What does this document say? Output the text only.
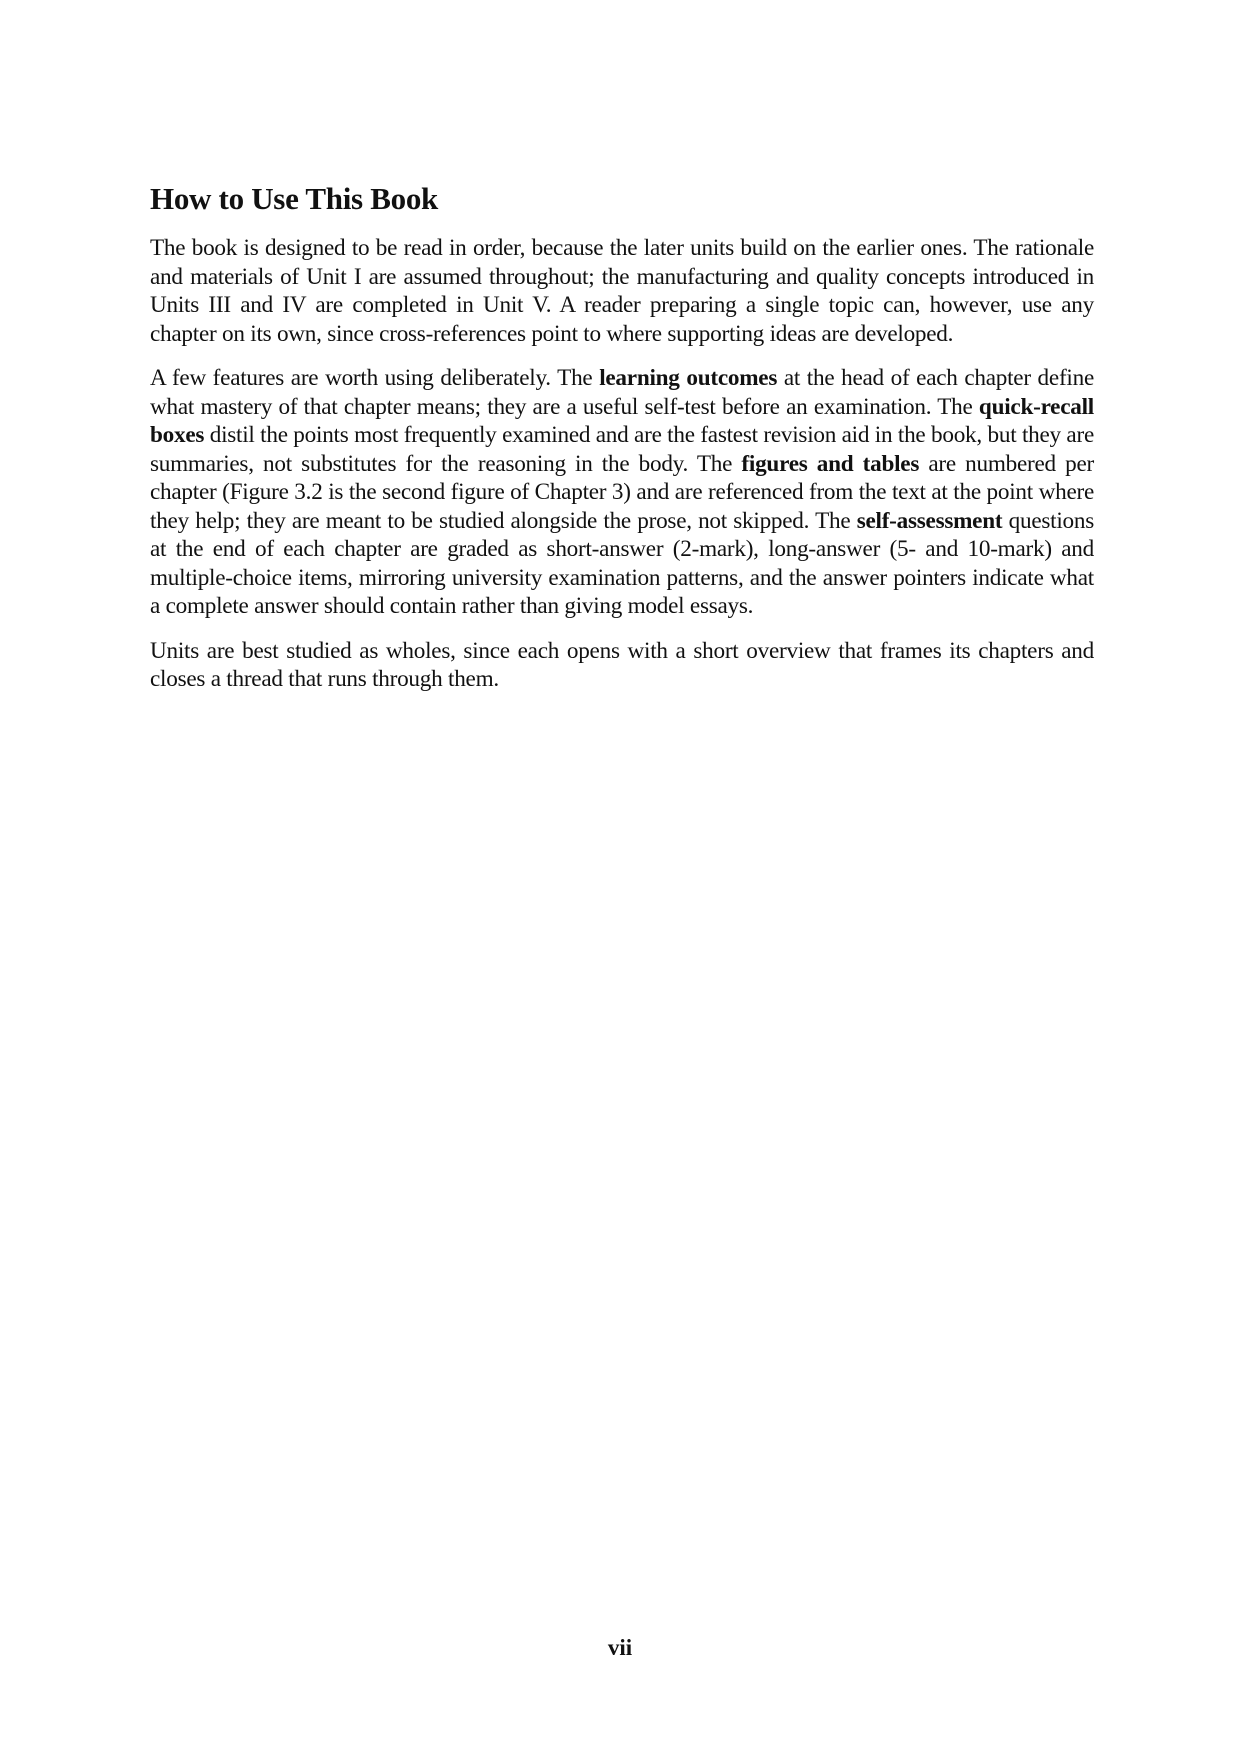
How to Use This Book

The book is designed to be read in order, because the later units build on the earlier ones. The rationale and materials of Unit I are assumed throughout; the manufacturing and quality concepts introduced in Units III and IV are completed in Unit V. A reader preparing a single topic can, however, use any chapter on its own, since cross-references point to where supporting ideas are developed.

A few features are worth using deliberately. The learning outcomes at the head of each chapter define what mastery of that chapter means; they are a useful self-test before an examination. The quick-recall boxes distil the points most frequently examined and are the fastest revision aid in the book, but they are summaries, not substitutes for the reasoning in the body. The figures and tables are numbered per chapter (Figure 3.2 is the second figure of Chapter 3) and are referenced from the text at the point where they help; they are meant to be studied alongside the prose, not skipped. The self-assessment questions at the end of each chapter are graded as short-answer (2-mark), long-answer (5- and 10-mark) and multiple-choice items, mirroring university examination patterns, and the answer pointers indicate what a complete answer should contain rather than giving model essays.

Units are best studied as wholes, since each opens with a short overview that frames its chapters and closes a thread that runs through them.

vii
